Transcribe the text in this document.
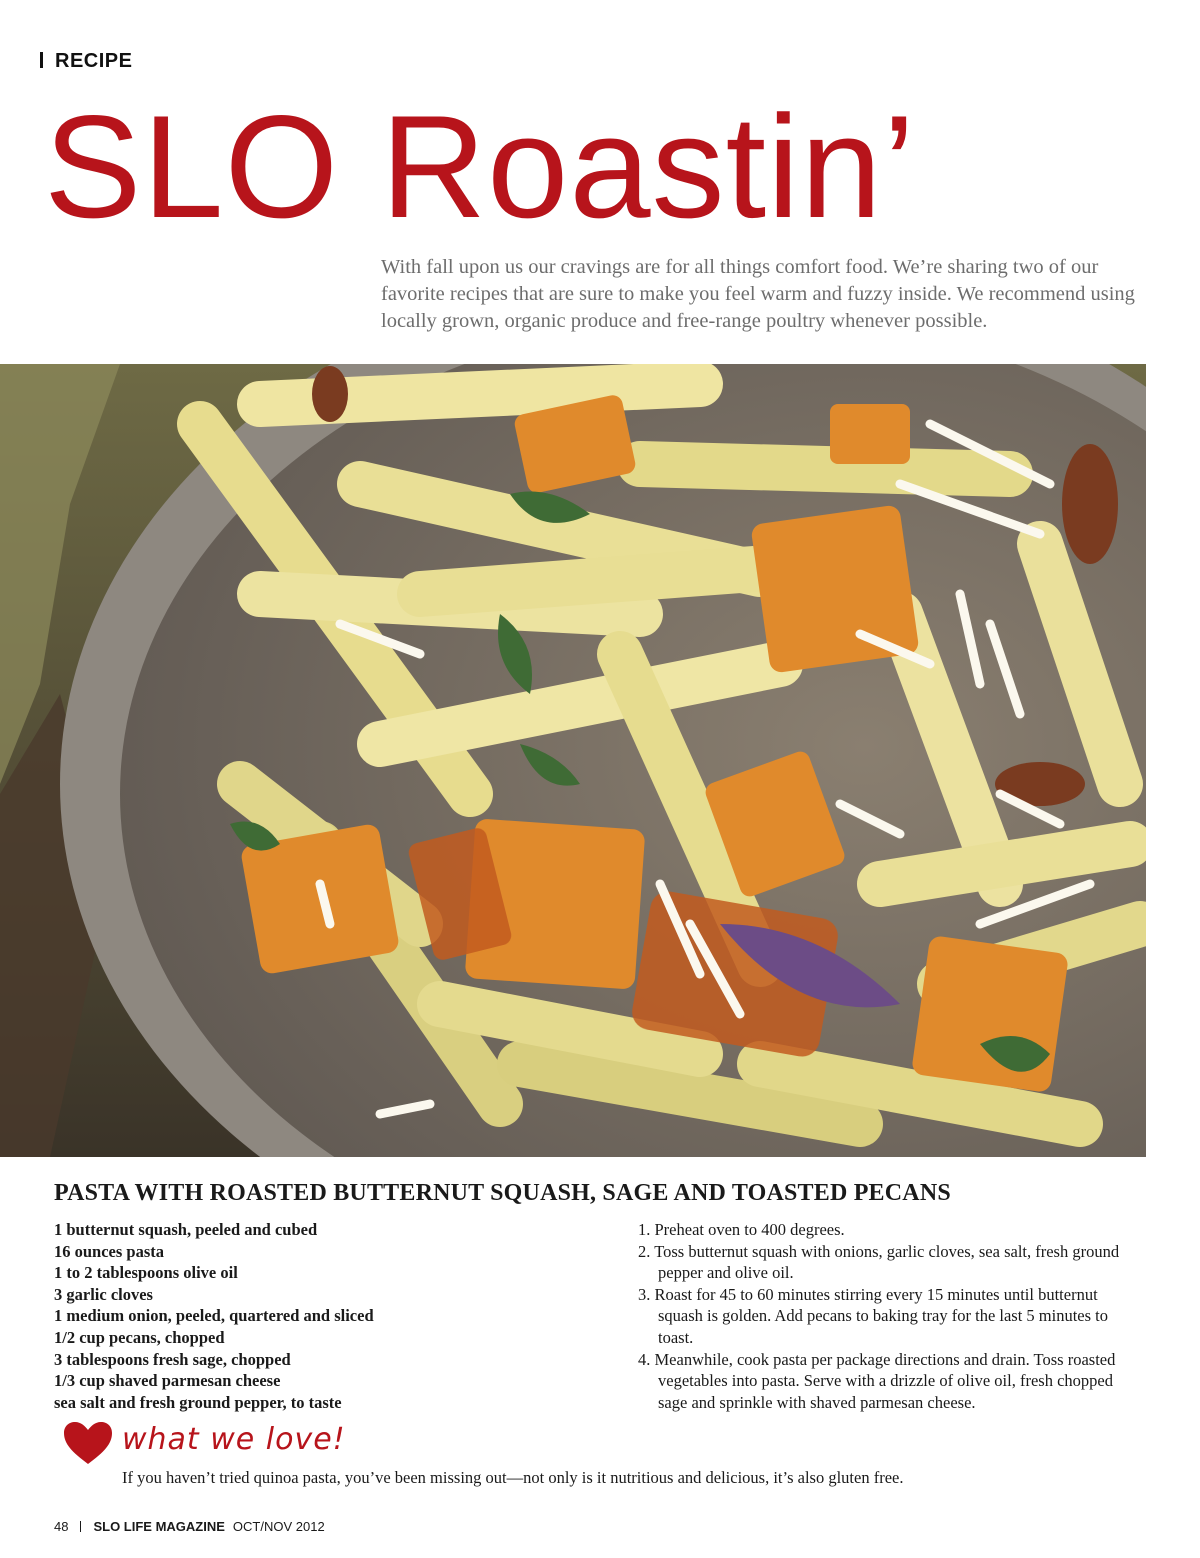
RECIPE
SLO Roastin’
With fall upon us our cravings are for all things comfort food. We’re sharing two of our favorite recipes that are sure to make you feel warm and fuzzy inside. We recommend using locally grown, organic produce and free-range poultry whenever possible.
PASTA WITH ROASTED BUTTERNUT SQUASH, SAGE AND TOASTED PECANS
1 butternut squash, peeled and cubed
16 ounces pasta
1 to 2 tablespoons olive oil
3 garlic cloves
1 medium onion, peeled, quartered and sliced
1/2 cup pecans, chopped
3 tablespoons fresh sage, chopped
1/3 cup shaved parmesan cheese
sea salt and fresh ground pepper, to taste
1. Preheat oven to 400 degrees.
2. Toss butternut squash with onions, garlic cloves, sea salt, fresh ground pepper and olive oil.
3. Roast for 45 to 60 minutes stirring every 15 minutes until butternut squash is golden. Add pecans to baking tray for the last 5 minutes to toast.
4. Meanwhile, cook pasta per package directions and drain. Toss roasted vegetables into pasta. Serve with a drizzle of olive oil, fresh chopped sage and sprinkle with shaved parmesan cheese.
what we love!
If you haven’t tried quinoa pasta, you’ve been missing out—not only is it nutritious and delicious, it’s also gluten free.
48 SLO LIFE MAGAZINE OCT/NOV 2012
